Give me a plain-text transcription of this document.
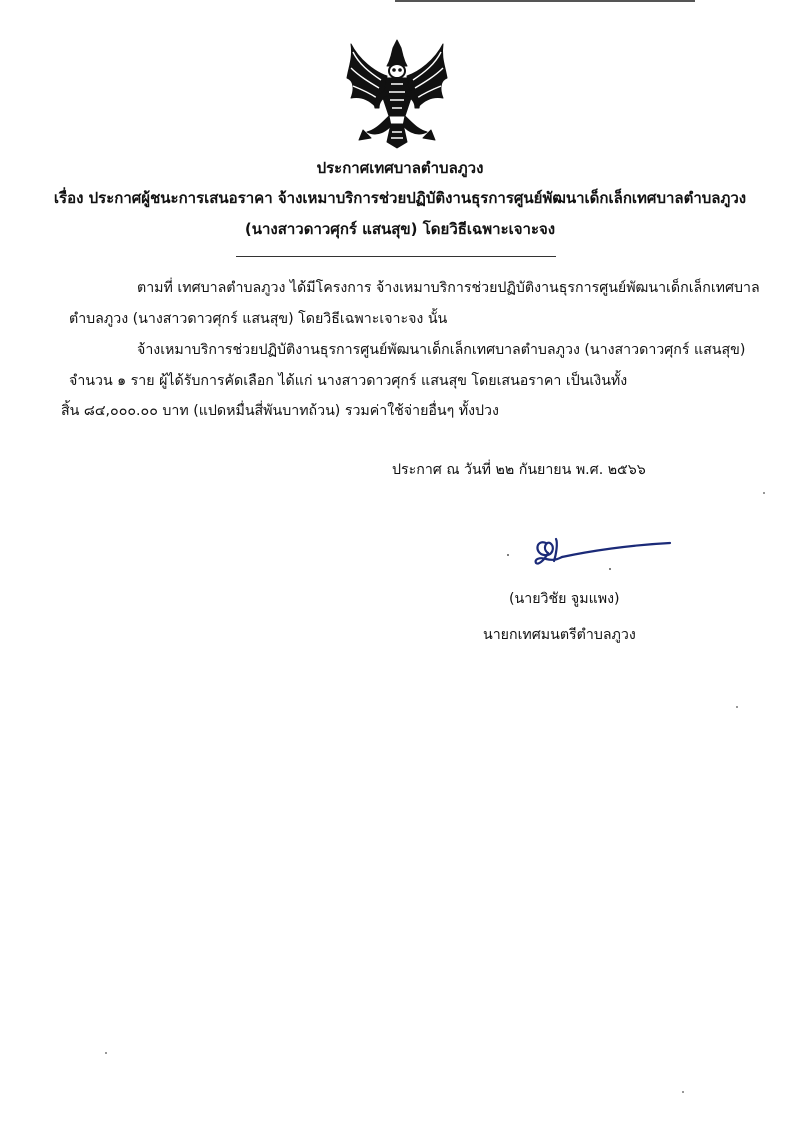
ประกาศเทศบาลตำบลภูวง
เรื่อง ประกาศผู้ชนะการเสนอราคา จ้างเหมาบริการช่วยปฏิบัติงานธุรการศูนย์พัฒนาเด็กเล็กเทศบาลตำบลภูวง
(นางสาวดาวศุกร์ แสนสุข) โดยวิธีเฉพาะเจาะจง
ตามที่ เทศบาลตำบลภูวง ได้มีโครงการ จ้างเหมาบริการช่วยปฏิบัติงานธุรการศูนย์พัฒนาเด็กเล็กเทศบาล
ตำบลภูวง (นางสาวดาวศุกร์ แสนสุข) โดยวิธีเฉพาะเจาะจง นั้น
จ้างเหมาบริการช่วยปฏิบัติงานธุรการศูนย์พัฒนาเด็กเล็กเทศบาลตำบลภูวง (นางสาวดาวศุกร์ แสนสุข)
จำนวน ๑ ราย ผู้ได้รับการคัดเลือก ได้แก่ นางสาวดาวศุกร์ แสนสุข โดยเสนอราคา เป็นเงินทั้ง
สิ้น ๘๔,๐๐๐.๐๐ บาท (แปดหมื่นสี่พันบาทถ้วน) รวมค่าใช้จ่ายอื่นๆ ทั้งปวง
ประกาศ ณ วันที่ ๒๒ กันยายน พ.ศ. ๒๕๖๖
(นายวิชัย จูมแพง)
นายกเทศมนตรีตำบลภูวง
